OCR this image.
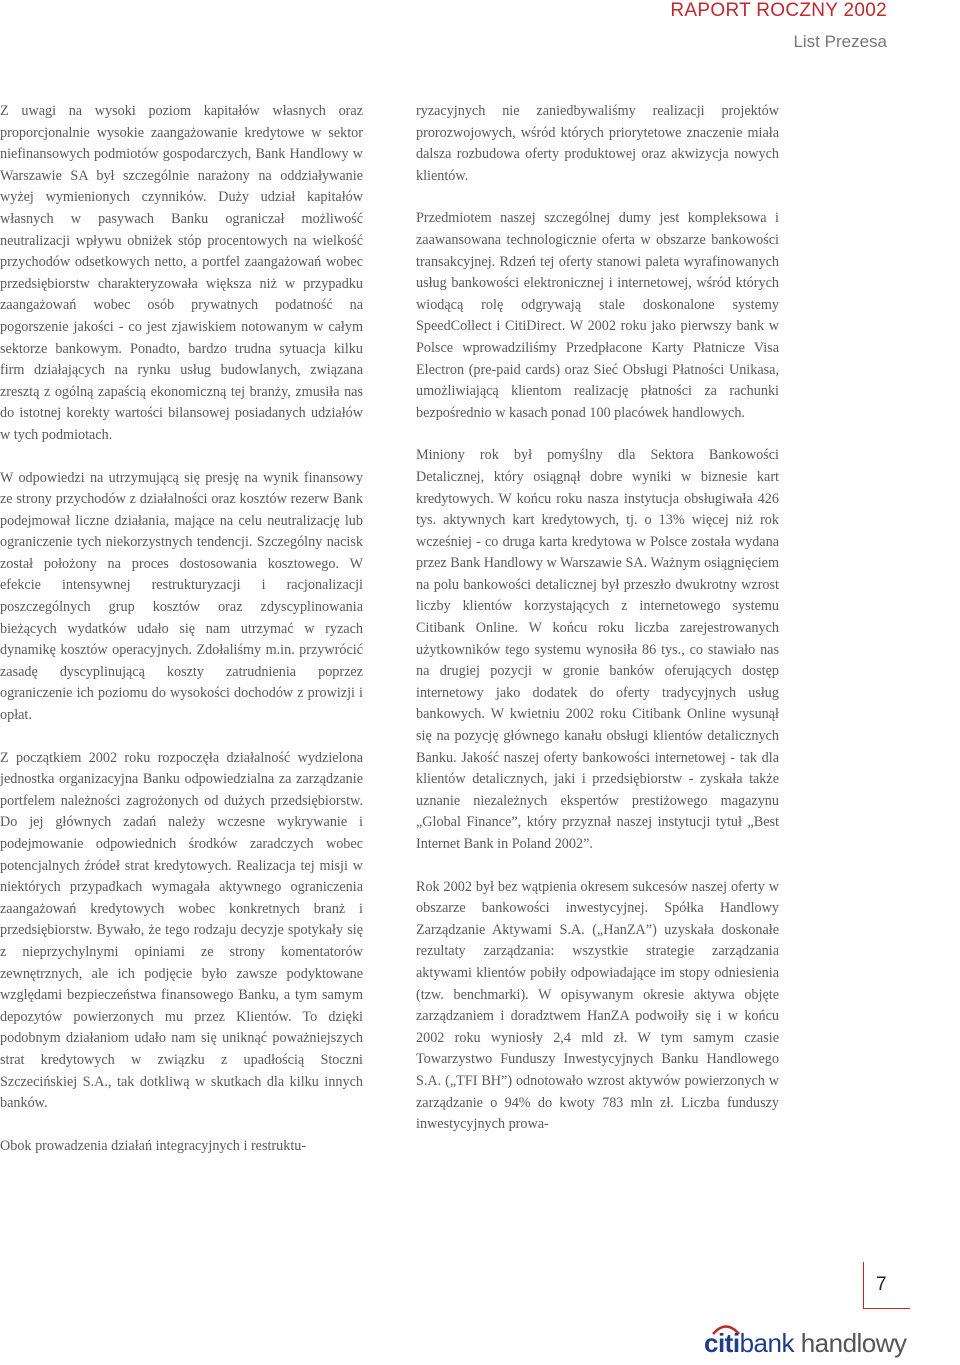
RAPORT ROCZNY 2002
List Prezesa

Z uwagi na wysoki poziom kapitałów własnych oraz proporcjonalnie wysokie zaangażowanie kredytowe w sektor niefinansowych podmiotów gospodarczych, Bank Handlowy w Warszawie SA był szczególnie narażony na oddziaływanie wyżej wymienionych czynników. Duży udział kapitałów własnych w pasywach Banku ograniczał możliwość neutralizacji wpływu obniżek stóp procentowych na wielkość przychodów odsetkowych netto, a portfel zaangażowań wobec przedsiębiorstw charakteryzowała większa niż w przypadku zaangażowań wobec osób prywatnych podatność na pogorszenie jakości - co jest zjawiskiem notowanym w całym sektorze bankowym. Ponadto, bardzo trudna sytuacja kilku firm działających na rynku usług budowlanych, związana zresztą z ogólną zapaścią ekonomiczną tej branży, zmusiła nas do istotnej korekty wartości bilansowej posiadanych udziałów w tych podmiotach.

W odpowiedzi na utrzymującą się presję na wynik finansowy ze strony przychodów z działalności oraz kosztów rezerw Bank podejmował liczne działania, mające na celu neutralizację lub ograniczenie tych niekorzystnych tendencji. Szczególny nacisk został położony na proces dostosowania kosztowego. W efekcie intensywnej restrukturyzacji i racjonalizacji poszczególnych grup kosztów oraz zdyscyplinowania bieżących wydatków udało się nam utrzymać w ryzach dynamikę kosztów operacyjnych. Zdołaliśmy m.in. przywrócić zasadę dyscyplinującą koszty zatrudnienia poprzez ograniczenie ich poziomu do wysokości dochodów z prowizji i opłat.

Z początkiem 2002 roku rozpoczęła działalność wydzielona jednostka organizacyjna Banku odpowiedzialna za zarządzanie portfelem należności zagrożonych od dużych przedsiębiorstw. Do jej głównych zadań należy wczesne wykrywanie i podejmowanie odpowiednich środków zaradczych wobec potencjalnych źródeł strat kredytowych. Realizacja tej misji w niektórych przypadkach wymagała aktywnego ograniczenia zaangażowań kredytowych wobec konkretnych branż i przedsiębiorstw. Bywało, że tego rodzaju decyzje spotykały się z nieprzychylnymi opiniami ze strony komentatorów zewnętrznych, ale ich podjęcie było zawsze podyktowane względami bezpieczeństwa finansowego Banku, a tym samym depozytów powierzonych mu przez Klientów. To dzięki podobnym działaniom udało nam się uniknąć poważniejszych strat kredytowych w związku z upadłością Stoczni Szczecińskiej S.A., tak dotkliwą w skutkach dla kilku innych banków.

Obok prowadzenia działań integracyjnych i restruktu-

ryzacyjnych nie zaniedbywaliśmy realizacji projektów prorozwojowych, wśród których priorytetowe znaczenie miała dalsza rozbudowa oferty produktowej oraz akwizycja nowych klientów.

Przedmiotem naszej szczególnej dumy jest kompleksowa i zaawansowana technologicznie oferta w obszarze bankowości transakcyjnej. Rdzeń tej oferty stanowi paleta wyrafinowanych usług bankowości elektronicznej i internetowej, wśród których wiodącą rolę odgrywają stale doskonalone systemy SpeedCollect i CitiDirect. W 2002 roku jako pierwszy bank w Polsce wprowadziliśmy Przedpłacone Karty Płatnicze Visa Electron (pre-paid cards) oraz Sieć Obsługi Płatności Unikasa, umożliwiającą klientom realizację płatności za rachunki bezpośrednio w kasach ponad 100 placówek handlowych.

Miniony rok był pomyślny dla Sektora Bankowości Detalicznej, który osiągnął dobre wyniki w biznesie kart kredytowych. W końcu roku nasza instytucja obsługiwała 426 tys. aktywnych kart kredytowych, tj. o 13% więcej niż rok wcześniej - co druga karta kredytowa w Polsce została wydana przez Bank Handlowy w Warszawie SA. Ważnym osiągnięciem na polu bankowości detalicznej był przeszło dwukrotny wzrost liczby klientów korzystających z internetowego systemu Citibank Online. W końcu roku liczba zarejestrowanych użytkowników tego systemu wynosiła 86 tys., co stawiało nas na drugiej pozycji w gronie banków oferujących dostęp internetowy jako dodatek do oferty tradycyjnych usług bankowych. W kwietniu 2002 roku Citibank Online wysunął się na pozycję głównego kanału obsługi klientów detalicznych Banku. Jakość naszej oferty bankowości internetowej - tak dla klientów detalicznych, jaki i przedsiębiorstw - zyskała także uznanie niezależnych ekspertów prestiżowego magazynu „Global Finance”, który przyznał naszej instytucji tytuł „Best Internet Bank in Poland 2002”.

Rok 2002 był bez wątpienia okresem sukcesów naszej oferty w obszarze bankowości inwestycyjnej. Spółka Handlowy Zarządzanie Aktywami S.A. („HanZA”) uzyskała doskonałe rezultaty zarządzania: wszystkie strategie zarządzania aktywami klientów pobiły odpowiadające im stopy odniesienia (tzw. benchmarki). W opisywanym okresie aktywa objęte zarządzaniem i doradztwem HanZA podwoiły się i w końcu 2002 roku wyniosły 2,4 mld zł. W tym samym czasie Towarzystwo Funduszy Inwestycyjnych Banku Handlowego S.A. („TFI BH”) odnotowało wzrost aktywów powierzonych w zarządzanie o 94% do kwoty 783 mln zł. Liczba funduszy inwestycyjnych prowa-

7
citibank handlowy
